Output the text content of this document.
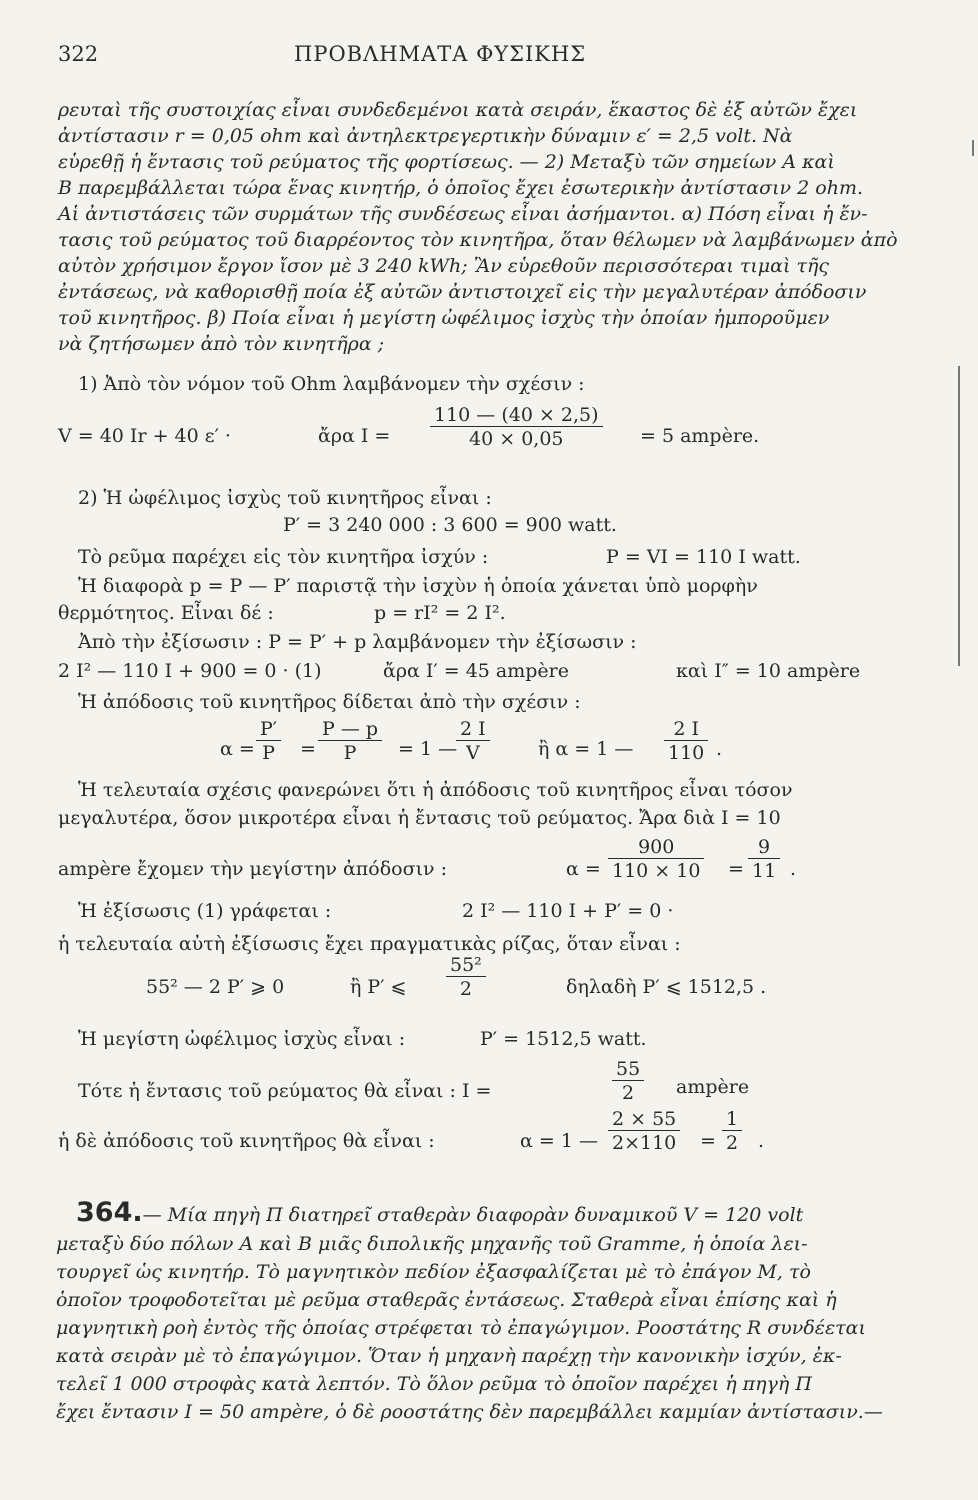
322	ΠΡΟΒΛΗΜΑΤΑ ΦΥΣΙΚΗΣ
ρευταὶ τῆς συστοιχίας εἶναι συνδεδεμένοι κατὰ σειράν, ἕκαστος δὲ ἐξ αὐτῶν ἔχει
ἀντίστασιν r = 0,05 ohm καὶ ἀντηλεκτρεγερτικὴν δύναμιν ε′ = 2,5 volt. Νὰ
εὑρεθῇ ἡ ἔντασις τοῦ ρεύματος τῆς φορτίσεως. — 2) Μεταξὺ τῶν σημείων Α καὶ
Β παρεμβάλλεται τώρα ἕνας κινητήρ, ὁ ὁποῖος ἔχει ἐσωτερικὴν ἀντίστασιν 2 ohm.
Αἱ ἀντιστάσεις τῶν συρμάτων τῆς συνδέσεως εἶναι ἀσήμαντοι. α) Πόση εἶναι ἡ ἔν-
τασις τοῦ ρεύματος τοῦ διαρρέοντος τὸν κινητῆρα, ὅταν θέλωμεν νὰ λαμβάνωμεν ἀπὸ
αὐτὸν χρήσιμον ἔργον ἴσον μὲ 3 240 kWh; Ἂν εὑρεθοῦν περισσότεραι τιμαὶ τῆς
ἐντάσεως, νὰ καθορισθῇ ποία ἐξ αὐτῶν ἀντιστοιχεῖ εἰς τὴν μεγαλυτέραν ἀπόδοσιν
τοῦ κινητῆρος. β) Ποία εἶναι ἡ μεγίστη ὠφέλιμος ἰσχὺς τὴν ὁποίαν ἠμποροῦμεν
νὰ ζητήσωμεν ἀπὸ τὸν κινητῆρα ;
1) Ἀπὸ τὸν νόμον τοῦ Ohm λαμβάνομεν τὴν σχέσιν :
V = 40 Ir + 40 ε′ ·	ἄρα $I = \frac{110 — (40 \times 2,5)}{40 \times 0,05} = 5$ ampère.
2) Ἡ ὠφέλιμος ἰσχὺς τοῦ κινητῆρος εἶναι :
P′ = 3 240 000 : 3 600 = 900 watt.
Τὸ ρεῦμα παρέχει εἰς τὸν κινητῆρα ἰσχύν :	P = VI = 110 I watt.
Ἡ διαφορὰ p = P — P′ παριστᾷ τὴν ἰσχὺν ἡ ὁποία χάνεται ὑπὸ μορφὴν
θερμότητος. Εἶναι δέ :	p = rI² = 2 I².
Ἀπὸ τὴν ἐξίσωσιν : P = P′ + p λαμβάνομεν τὴν ἐξίσωσιν :
2 I² — 110 I + 900 = 0 · (1)	ἄρα I′ = 45 ampère	καὶ I″ = 10 ampère
Ἡ ἀπόδοσις τοῦ κινητῆρος δίδεται ἀπὸ τὴν σχέσιν :
$\alpha = \frac{P'}{P} = \frac{P — p}{P} = 1$ —
$\frac{2 I}{V}$	ἢ α = 1 — $\frac{2 I}{110}$ .
Ἡ τελευταία σχέσις φανερώνει ὅτι ἡ ἀπόδοσις τοῦ κινητῆρος εἶναι τόσον
μεγαλυτέρα, ὅσον μικροτέρα εἶναι ἡ ἔντασις τοῦ ρεύματος. Ἄρα διὰ I = 10
ampère ἔχομεν τὴν μεγίστην ἀπόδοσιν :	$\alpha = \frac{900}{110 \times 10} = \frac{9}{11}$ .
Ἡ ἐξίσωσις (1) γράφεται :	2 I² — 110 I + P′ = 0 ·
ἡ τελευταία αὐτὴ ἐξίσωσις ἔχει πραγματικὰς ρίζας, ὅταν εἶναι :
55² — 2 P′ ⩾ 0	ἢ P′ ⩽ $\frac{\text{55²}}{2}$	δηλαδὴ P′ ⩽ 1512,5 .
Ἡ μεγίστη ὠφέλιμος ἰσχὺς εἶναι :	P′ = 1512,5 watt.
Τότε ἡ ἔντασις τοῦ ρεύματος θὰ εἶναι : I =	$\frac{55}{2}$ ampère
ἡ δὲ ἀπόδοσις τοῦ κινητῆρος θὰ εἶναι :	α = 1 — $\frac{2 \times 55}{2\times 110} = \frac{1}{2}$ .
364.— Μία πηγὴ Π διατηρεῖ σταθερὰν διαφορὰν δυναμικοῦ V = 120 volt
μεταξὺ δύο πόλων Α καὶ Β μιᾶς διπολικῆς μηχανῆς τοῦ Gramme, ἡ ὁποία λει-
τουργεῖ ὡς κινητήρ. Τὸ μαγνητικὸν πεδίον ἐξασφαλίζεται μὲ τὸ ἐπάγον Μ, τὸ
ὁποῖον τροφοδοτεῖται μὲ ρεῦμα σταθερᾶς ἐντάσεως. Σταθερὰ εἶναι ἐπίσης καὶ ἡ
μαγνητικὴ ροὴ ἐντὸς τῆς ὁποίας στρέφεται τὸ ἐπαγώγιμον. Ροοστάτης R συνδέεται
κατὰ σειρὰν μὲ τὸ ἐπαγώγιμον. Ὅταν ἡ μηχανὴ παρέχῃ τὴν κανονικὴν ἰσχύν, ἐκ-
τελεῖ 1 000 στροφὰς κατὰ λεπτόν. Τὸ ὅλον ρεῦμα τὸ ὁποῖον παρέχει ἡ πηγὴ Π
ἔχει ἔντασιν I = 50 ampère, ὁ δὲ ροοστάτης δὲν παρεμβάλλει καμμίαν ἀντίστασιν.—
